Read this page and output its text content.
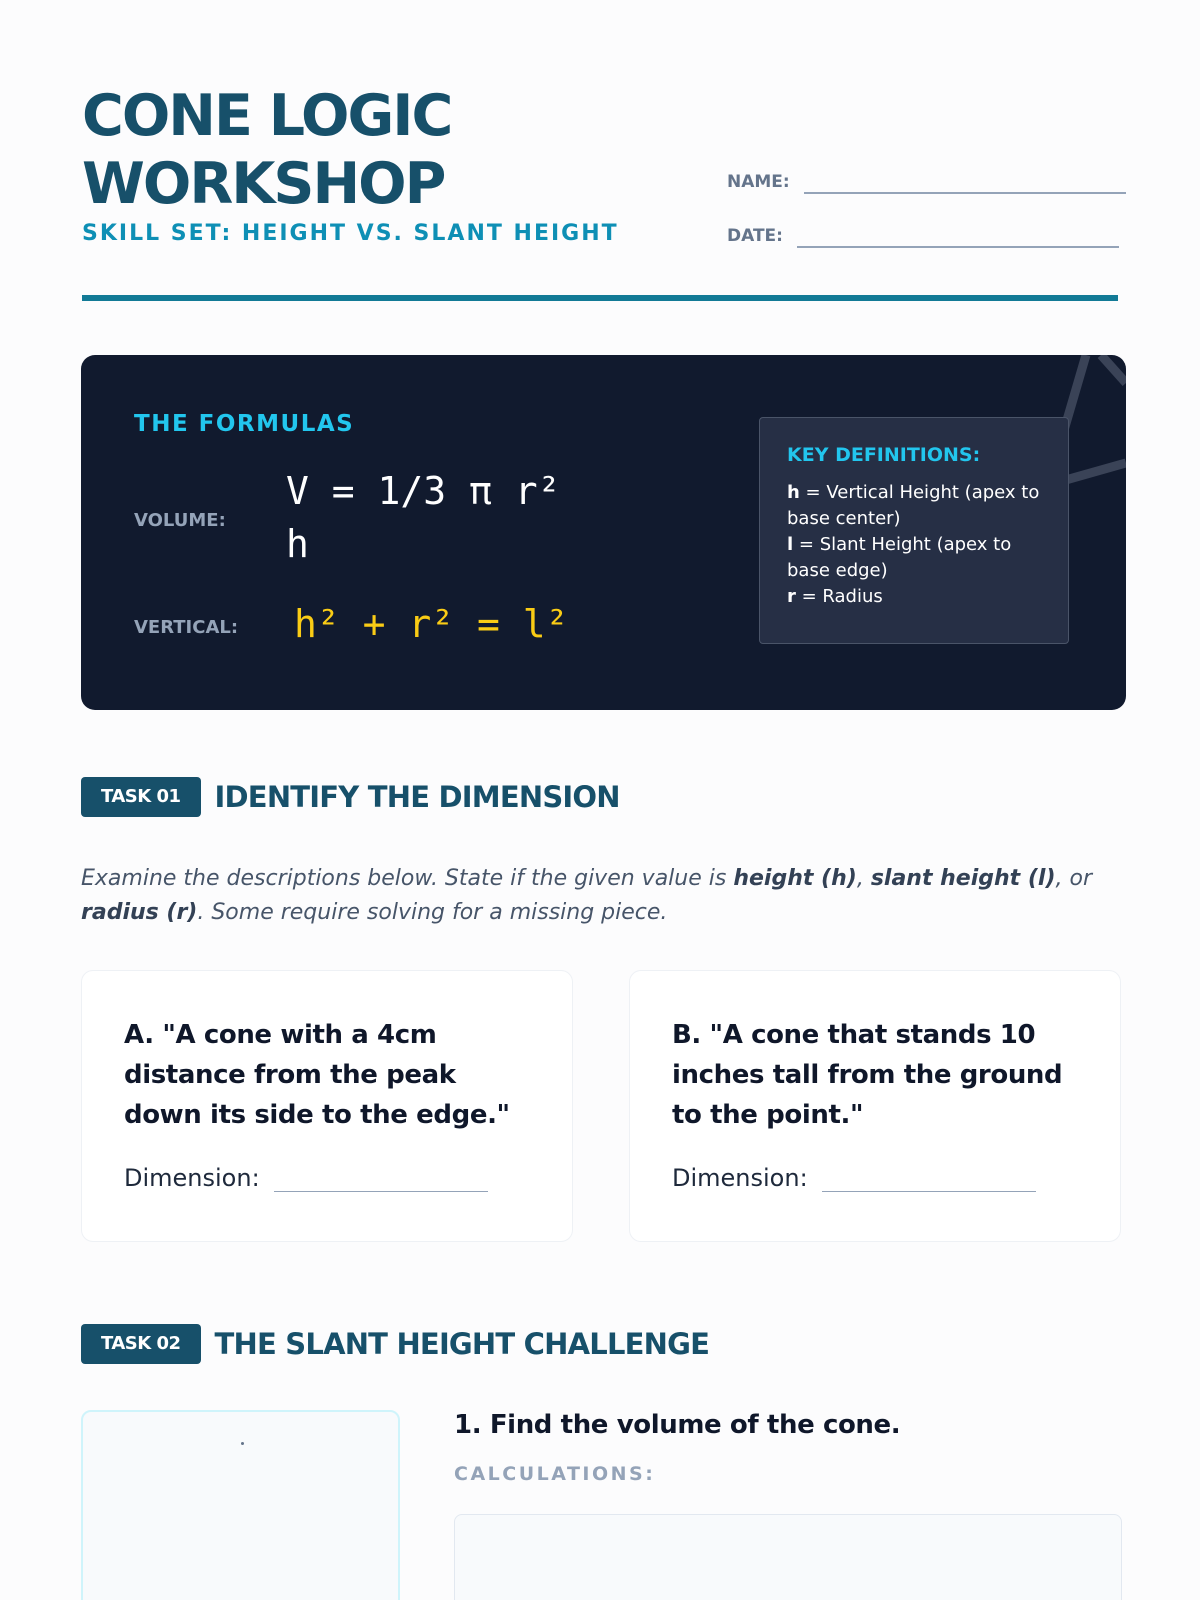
CONE LOGIC
WORKSHOP
SKILL SET: HEIGHT VS. SLANT HEIGHT
NAME:
DATE:
THE FORMULAS
VOLUME:
V = 1/3 π r² h
VERTICAL: h² + r² = l²
KEY DEFINITIONS:
h = Vertical Height (apex to base center)
l = Slant Height (apex to base edge)
r = Radius
TASK 01	IDENTIFY THE DIMENSION
Examine the descriptions below. State if the given value is height (h), slant height (l), or radius (r). Some require solving for a missing piece.
A. "A cone with a 4cm distance from the peak down its side to the edge."
Dimension:
B. "A cone that stands 10 inches tall from the ground to the point."
Dimension:
TASK 02	THE SLANT HEIGHT CHALLENGE
1. Find the volume of the cone.
CALCULATIONS:
